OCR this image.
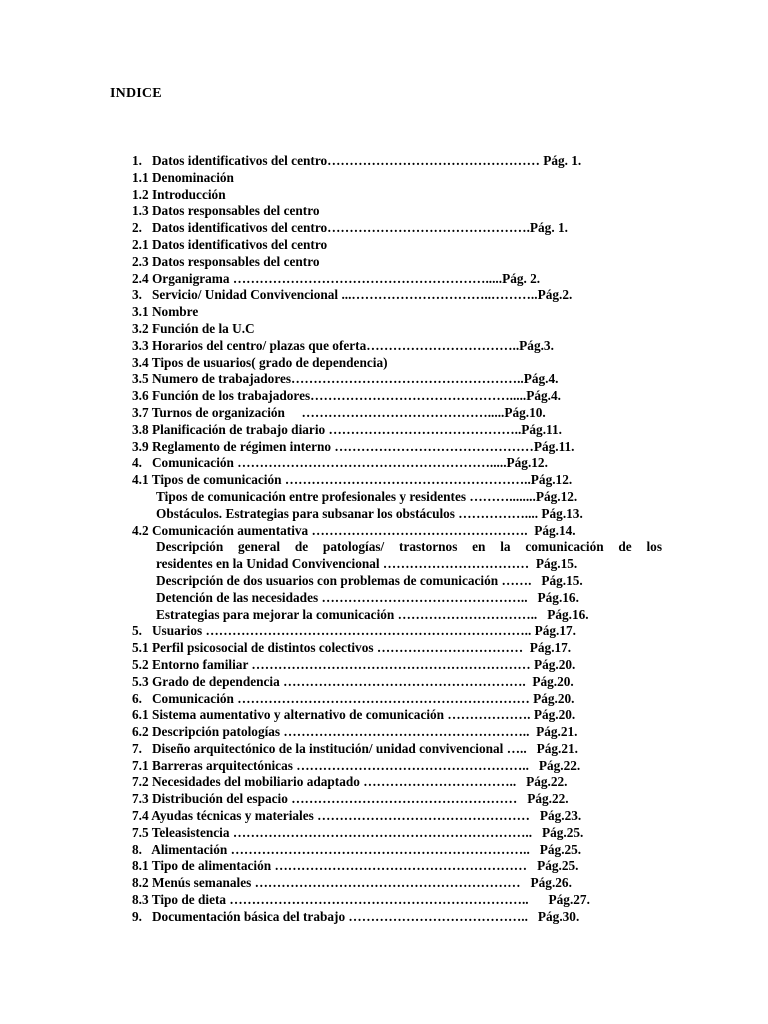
INDICE
1.   Datos identificativos del centro………………………………………… Pág. 1.
1.1 Denominación
1.2 Introducción
1.3 Datos responsables del centro
2.   Datos identificativos del centro……………………………………….Pág. 1.
2.1 Datos identificativos del centro
2.3 Datos responsables del centro
2.4 Organigrama ………………………………………………….....Pág. 2.
3.   Servicio/ Unidad Convivencional ...…………………………..………..Pág.2.
3.1 Nombre
3.2 Función de la U.C
3.3 Horarios del centro/ plazas que oferta……………………………..Pág.3.
3.4 Tipos de usuarios( grado de dependencia)
3.5 Numero de trabajadores……………………………………………..Pág.4.
3.6 Función de los trabajadores……………………………………….....Pág.4.
3.7 Turnos de organización     …………………………………….....Pág.10.
3.8 Planificación de trabajo diario ……………………………………..Pág.11.
3.9 Reglamento de régimen interno ………………………………………Pág.11.
4.   Comunicación ………………………………………………….....Pág.12.
4.1 Tipos de comunicación ………………………………………………..Pág.12.
Tipos de comunicación entre profesionales y residentes ………........Pág.12.
Obstáculos. Estrategias para subsanar los obstáculos …………….... Pág.13.
4.2 Comunicación aumentativa ………………………………………….  Pág.14.
Descripción general de patologías/ trastornos en la comunicación de los
residentes en la Unidad Convivencional ……………………………  Pág.15.
Descripción de dos usuarios con problemas de comunicación …….   Pág.15.
Detención de las necesidades ………………………………………..   Pág.16.
Estrategias para mejorar la comunicación …………………………..   Pág.16.
5.   Usuarios ……………………………………………………………….. Pág.17.
5.1 Perfil psicosocial de distintos colectivos ……………………………  Pág.17.
5.2 Entorno familiar ……………………………………………………… Pág.20.
5.3 Grado de dependencia ……………………………………………….  Pág.20.
6.   Comunicación ………………………………………………………… Pág.20.
6.1 Sistema aumentativo y alternativo de comunicación ………………. Pág.20.
6.2 Descripción patologías ………………………………………………..  Pág.21.
7.   Diseño arquitectónico de la institución/ unidad convivencional …..   Pág.21.
7.1 Barreras arquitectónicas ……………………………………………..   Pág.22.
7.2 Necesidades del mobiliario adaptado ……………………………..   Pág.22.
7.3 Distribución del espacio ……………………………………………   Pág.22.
7.4 Ayudas técnicas y materiales …………………………………………   Pág.23.
7.5 Teleasistencia …………………………………………………………..   Pág.25.
8.   Alimentación …………………………………………………………..   Pág.25.
8.1 Tipo de alimentación …………………………………………………   Pág.25.
8.2 Menús semanales ……………………………………………………   Pág.26.
8.3 Tipo de dieta …………………………………………………………..      Pág.27.
9.   Documentación básica del trabajo …………………………………..   Pág.30.
